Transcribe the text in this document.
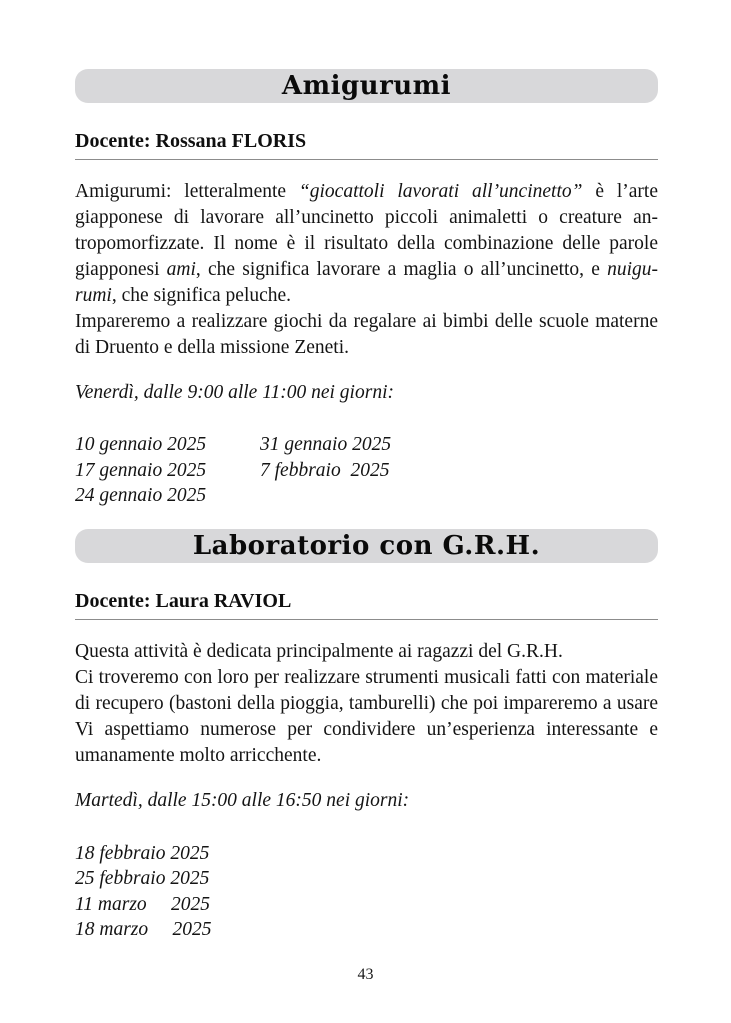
Amigurumi
Docente: Rossana FLORIS
Amigurumi: letteralmente “giocattoli lavorati all’uncinetto” è l’arte
giapponese di lavorare all’uncinetto piccoli animaletti o creature an-
tropomorfizzate. Il nome è il risultato della combinazione delle parole
giapponesi ami, che significa lavorare a maglia o all’uncinetto, e nuigu-
rumi, che significa peluche.
Impareremo a realizzare giochi da regalare ai bimbi delle scuole materne
di Druento e della missione Zeneti.

Venerdì, dalle 9:00 alle 11:00 nei giorni:

10 gennaio 2025
17 gennaio 2025
24 gennaio 2025
31 gennaio 2025
7 febbraio  2025
Laboratorio con G.R.H.
Docente: Laura RAVIOL
Questa attività è dedicata principalmente ai ragazzi del G.R.H.
Ci troveremo con loro per realizzare strumenti musicali fatti con materiale
di recupero (bastoni della pioggia, tamburelli) che poi impareremo a usare
Vi aspettiamo numerose per condividere un’esperienza interessante e
umanamente molto arricchente.

Martedì, dalle 15:00 alle 16:50 nei giorni:

18 febbraio 2025
25 febbraio 2025
11 marzo     2025
18 marzo     2025
43
